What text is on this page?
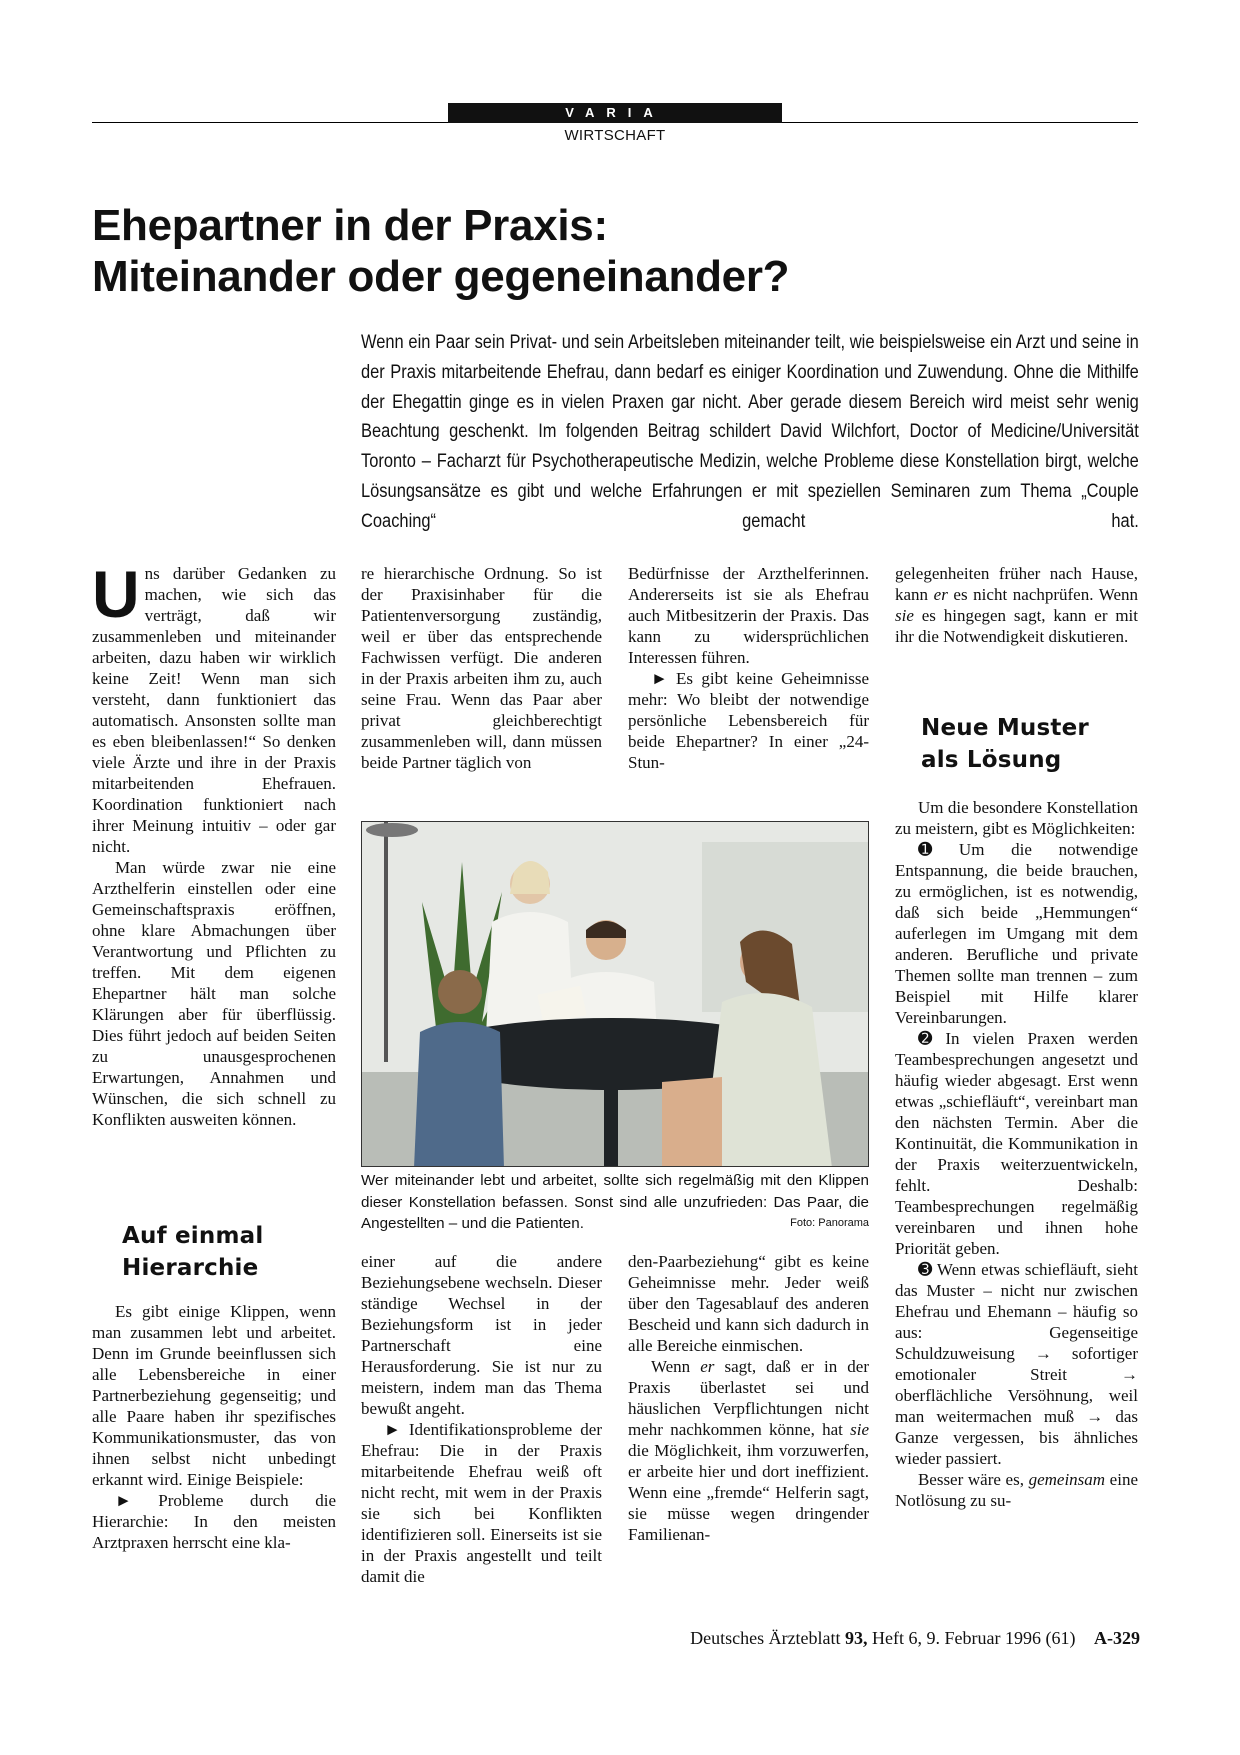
VARIA
WIRTSCHAFT
Ehepartner in der Praxis:
Miteinander oder gegeneinander?

Wenn ein Paar sein Privat- und sein Arbeitsleben miteinander teilt, wie beispielsweise ein Arzt und seine in der Praxis mitarbeitende Ehefrau, dann bedarf es einiger Koordination und Zuwendung. Ohne die Mithilfe der Ehegattin ginge es in vielen Praxen gar nicht. Aber gerade diesem Bereich wird meist sehr wenig Beachtung geschenkt. Im folgenden Beitrag schildert David Wilchfort, Doctor of Medicine/Universität Toronto – Facharzt für Psychotherapeutische Medizin, welche Probleme diese Konstellation birgt, welche Lösungsansätze es gibt und welche Erfahrungen er mit speziellen Seminaren zum Thema „Couple Coaching“ gemacht hat.

Uns darüber Gedanken zu machen, wie sich das verträgt, daß wir zusammenleben und miteinander arbeiten, dazu haben wir wirklich keine Zeit! Wenn man sich versteht, dann funktioniert das automatisch. Ansonsten sollte man es eben bleibenlassen!“ So denken viele Ärzte und ihre in der Praxis mitarbeitenden Ehefrauen. Koordination funktioniert nach ihrer Meinung intuitiv – oder gar nicht.

Man würde zwar nie eine Arzthelferin einstellen oder eine Gemeinschaftspraxis eröffnen, ohne klare Abmachungen über Verantwortung und Pflichten zu treffen. Mit dem eigenen Ehepartner hält man solche Klärungen aber für überflüssig. Dies führt jedoch auf beiden Seiten zu unausgesprochenen Erwartungen, Annahmen und Wünschen, die sich schnell zu Konflikten ausweiten können.

Auf einmal Hierarchie

Es gibt einige Klippen, wenn man zusammen lebt und arbeitet. Denn im Grunde beeinflussen sich alle Lebensbereiche in einer Partnerbeziehung gegenseitig; und alle Paare haben ihr spezifisches Kommunikationsmuster, das von ihnen selbst nicht unbedingt erkannt wird. Einige Beispiele:

► Probleme durch die Hierarchie: In den meisten Arztpraxen herrscht eine kla-

re hierarchische Ordnung. So ist der Praxisinhaber für die Patientenversorgung zuständig, weil er über das entsprechende Fachwissen verfügt. Die anderen in der Praxis arbeiten ihm zu, auch seine Frau. Wenn das Paar aber privat gleichberechtigt zusammenleben will, dann müssen beide Partner täglich von

einer auf die andere Beziehungsebene wechseln. Dieser ständige Wechsel in der Beziehungsform ist in jeder Partnerschaft eine Herausforderung. Sie ist nur zu meistern, indem man das Thema bewußt angeht.

► Identifikationsprobleme der Ehefrau: Die in der Praxis mitarbeitende Ehefrau weiß oft nicht recht, mit wem in der Praxis sie sich bei Konflikten identifizieren soll. Einerseits ist sie in der Praxis angestellt und teilt damit die

Bedürfnisse der Arzthelferinnen. Andererseits ist sie als Ehefrau auch Mitbesitzerin der Praxis. Das kann zu widersprüchlichen Interessen führen.

► Es gibt keine Geheimnisse mehr: Wo bleibt der notwendige persönliche Lebensbereich für beide Ehepartner? In einer „24-Stun-

den-Paarbeziehung“ gibt es keine Geheimnisse mehr. Jeder weiß über den Tagesablauf des anderen Bescheid und kann sich dadurch in alle Bereiche einmischen.

Wenn er sagt, daß er in der Praxis überlastet sei und häuslichen Verpflichtungen nicht mehr nachkommen könne, hat sie die Möglichkeit, ihm vorzuwerfen, er arbeite hier und dort ineffizient. Wenn eine „fremde“ Helferin sagt, sie müsse wegen dringender Familienan-

gelegenheiten früher nach Hause, kann er es nicht nachprüfen. Wenn sie es hingegen sagt, kann er mit ihr die Notwendigkeit diskutieren.

Neue Muster als Lösung

Um die besondere Konstellation zu meistern, gibt es Möglichkeiten:

➊ Um die notwendige Entspannung, die beide brauchen, zu ermöglichen, ist es notwendig, daß sich beide „Hemmungen“ auferlegen im Umgang mit dem anderen. Berufliche und private Themen sollte man trennen – zum Beispiel mit Hilfe klarer Vereinbarungen.

➋ In vielen Praxen werden Teambesprechungen angesetzt und häufig wieder abgesagt. Erst wenn etwas „schiefläuft“, vereinbart man den nächsten Termin. Aber die Kontinuität, die Kommunikation in der Praxis weiterzuentwickeln, fehlt. Deshalb: Teambesprechungen regelmäßig vereinbaren und ihnen hohe Priorität geben.

➌ Wenn etwas schiefläuft, sieht das Muster – nicht nur zwischen Ehefrau und Ehemann – häufig so aus: Gegenseitige Schuldzuweisung → sofortiger emotionaler Streit → oberflächliche Versöhnung, weil man weitermachen muß → das Ganze vergessen, bis ähnliches wieder passiert.

Besser wäre es, gemeinsam eine Notlösung zu su-

Wer miteinander lebt und arbeitet, sollte sich regelmäßig mit den Klippen dieser Konstellation befassen. Sonst sind alle unzufrieden: Das Paar, die Angestellten – und die Patienten.	Foto: Panorama
Deutsches Ärzteblatt 93, Heft 6, 9. Februar 1996 (61) A-329
